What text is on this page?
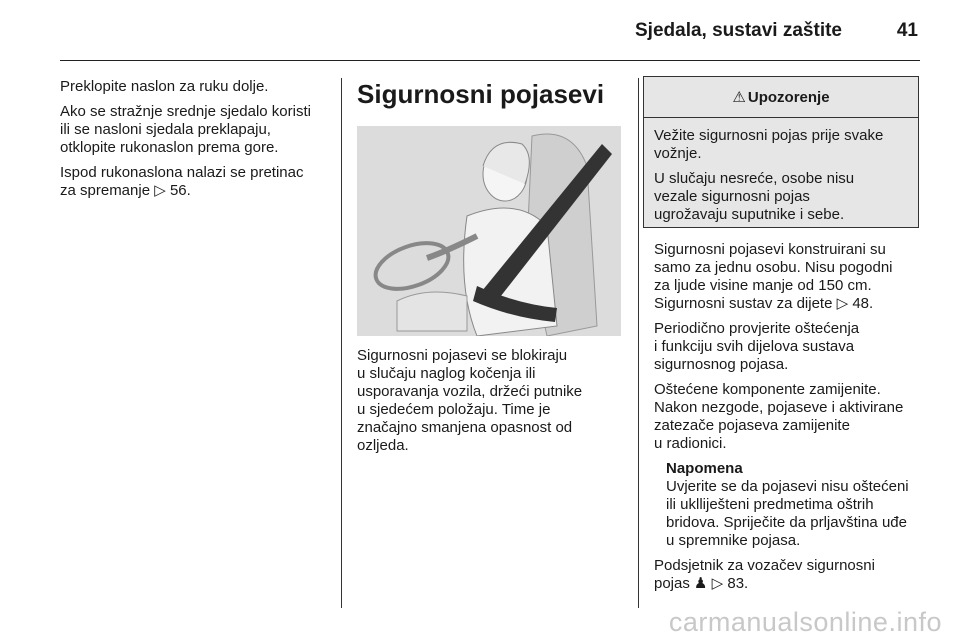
Sjedala, sustavi zaštite	41

Preklopite naslon za ruku dolje.

Ako se stražnje srednje sjedalo koristi
ili se nasloni sjedala preklapaju,
otklopite rukonaslon prema gore.

Ispod rukonaslona nalazi se pretinac
za spremanje ▷ 56.

Sigurnosni pojasevi

Sigurnosni pojasevi se blokiraju
u slučaju naglog kočenja ili
usporavanja vozila, držeći putnike
u sjedećem položaju. Time je
značajno smanjena opasnost od
ozljeda.

⚠ Upozorenje

Vežite sigurnosni pojas prije svake
vožnje.

U slučaju nesreće, osobe nisu
vezale sigurnosni pojas
ugrožavaju suputnike i sebe.

Sigurnosni pojasevi konstruirani su
samo za jednu osobu. Nisu pogodni
za ljude visine manje od 150 cm.
Sigurnosni sustav za dijete ▷ 48.

Periodično provjerite oštećenja
i funkciju svih dijelova sustava
sigurnosnog pojasa.

Oštećene komponente zamijenite.
Nakon nezgode, pojaseve i aktivirane
zatezače pojaseva zamijenite
u radionici.

Napomena
Uvjerite se da pojasevi nisu oštećeni
ili uklliješteni predmetima oštrih
bridova. Spriječite da prljavština uđe
u spremnike pojasa.

Podsjetnik za vozačev sigurnosni
pojas ♟ ▷ 83.

carmanualsonline.info
